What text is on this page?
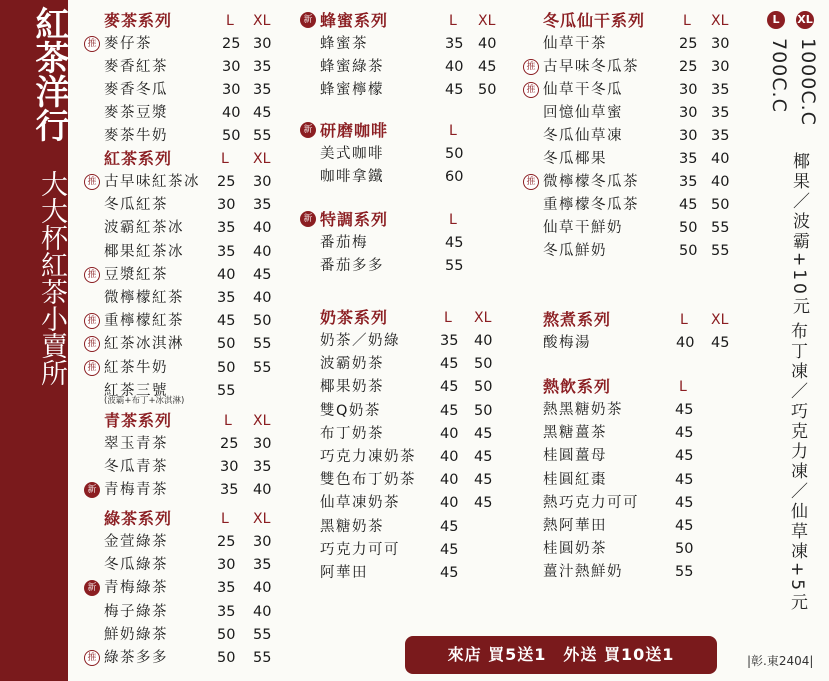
紅茶洋行
大大杯紅茶小賣所
麥茶系列	L XL
推 麥仔茶	25 30
麥香紅茶	30 35
麥香冬瓜	30 35
麥茶豆漿	40 45
麥茶牛奶	50 55
紅茶系列	L XL
推 古早味紅茶冰 25 30
冬瓜紅茶	30 35
波霸紅茶冰 35 40
椰果紅茶冰 35 40
推 豆漿紅茶	40 45
微檸檬紅茶 35 40
推 重檸檬紅茶 45 50
推 紅茶冰淇淋 50 55
推 紅茶牛奶	50 55
紅茶三號	55
(波霸+布丁+冰淇淋)
青茶系列	L XL
翠玉青茶	25 30
冬瓜青茶	30 35
新 青梅青茶	35 40
綠茶系列	L XL
金萱綠茶	25 30
冬瓜綠茶	30 35
新 青梅綠茶	35 40
梅子綠茶	35 40
鮮奶綠茶	50 55
推 綠茶多多	50 55
新 蜂蜜系列	L XL
蜂蜜茶	35 40
蜂蜜綠茶	40 45
蜂蜜檸檬	45 50
新 研磨咖啡	L
美式咖啡	50
咖啡拿鐵	60
新 特調系列	L
番茄梅	45
番茄多多	55
奶茶系列	L XL
奶茶／奶綠	35 40
波霸奶茶	45 50
椰果奶茶	45 50
雙Q奶茶	45 50
布丁奶茶	40 45
巧克力凍奶茶 40 45
雙色布丁奶茶 40 45
仙草凍奶茶	40 45
黑糖奶茶	45
巧克力可可	45
阿華田	45
冬瓜仙干系列	L XL
仙草干茶	25 30
推 古早味冬瓜茶	25 30
推 仙草干冬瓜	30 35
回憶仙草蜜	30 35
冬瓜仙草凍	30 35
冬瓜椰果	35 40
推 微檸檬冬瓜茶	35 40
重檸檬冬瓜茶	45 50
仙草干鮮奶	50 55
冬瓜鮮奶	50 55
熬煮系列	L XL
酸梅湯	40 45
熱飲系列	L
熱黑糖奶茶	45
黑糖薑茶	45
桂圓薑母	45
桂圓紅棗	45
熱巧克力可可 45
熱阿華田	45
桂圓奶茶	50
薑汁熱鮮奶	55
L	XL
700C.C 1000C.C
椰果／波霸+10元
布丁凍／巧克力凍／仙草凍+5元
來店 買5送1　外送 買10送1	|彰.東2404|
